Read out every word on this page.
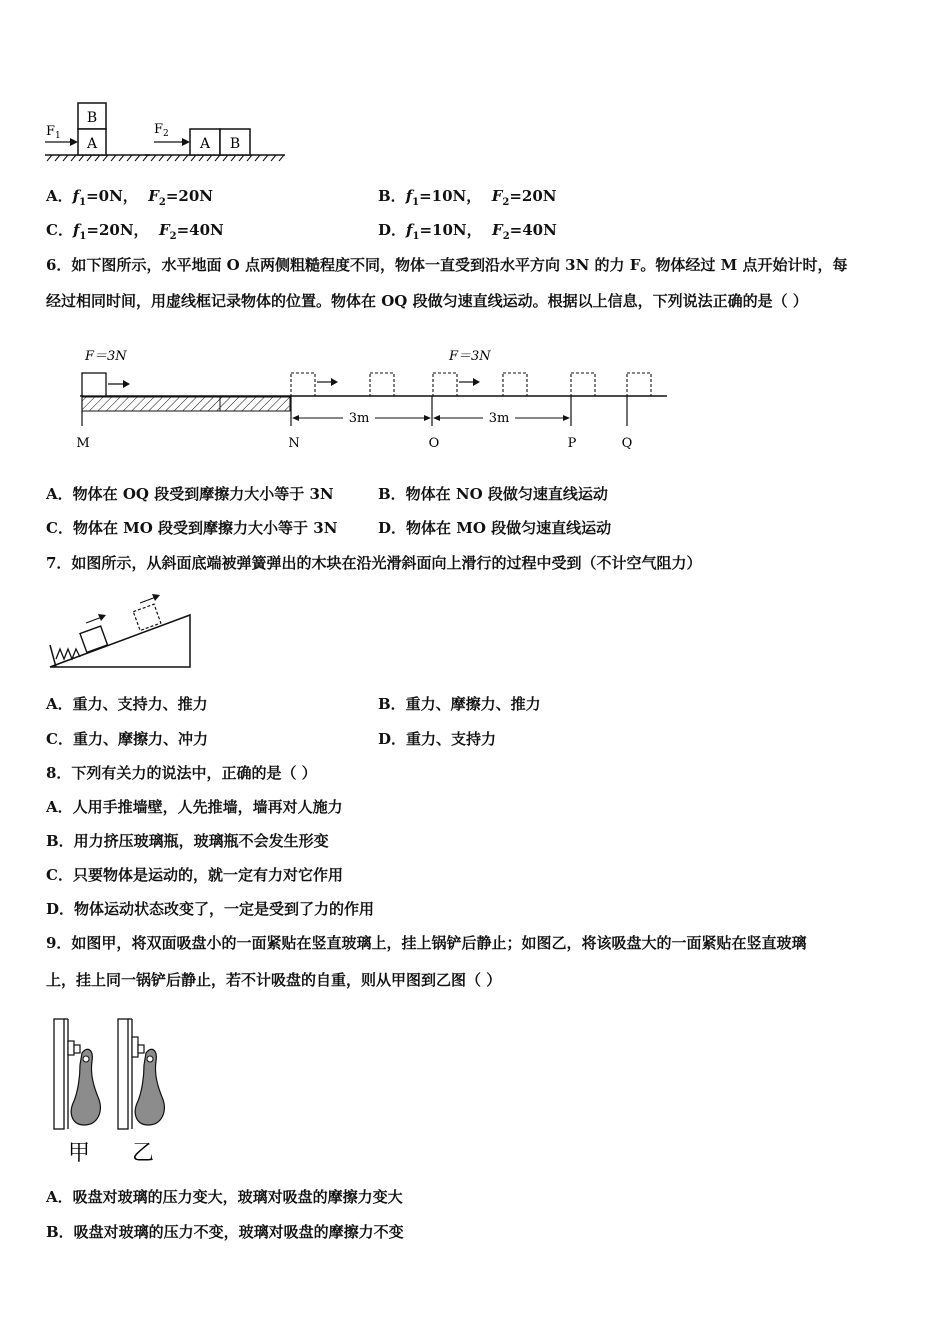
B
A
$F_1$	A B
$F_2$
A．$f_1=0N$， $F_2=20N$	B．$f_1=10N$， $F_2=20N$
C．$f_1=20N$， $F_2=40N$	D．$f_1=10N$， $F_2=40N$
6．如下图所示，水平地面 O 点两侧粗糙程度不同，物体一直受到沿水平方向 3N 的力 F。物体经过 M 点开始计时，每
经过相同时间，用虚线框记录物体的位置。物体在 OQ 段做匀速直线运动。根据以上信息，下列说法正确的是（ ）
F＝3N	F＝3N
3m	3m
M	N	O	P	Q
A．物体在 OQ 段受到摩擦力大小等于 3N	B．物体在 NO 段做匀速直线运动
C．物体在 MO 段受到摩擦力大小等于 3N	D．物体在 MO 段做匀速直线运动
7．如图所示，从斜面底端被弹簧弹出的木块在沿光滑斜面向上滑行的过程中受到（不计空气阻力）
A．重力、支持力、推力	B．重力、摩擦力、推力
C．重力、摩擦力、冲力	D．重力、支持力
8．下列有关力的说法中，正确的是（ ）
A．人用手推墙壁，人先推墙，墙再对人施力
B．用力挤压玻璃瓶，玻璃瓶不会发生形变
C．只要物体是运动的，就一定有力对它作用
D．物体运动状态改变了，一定是受到了力的作用
9．如图甲，将双面吸盘小的一面紧贴在竖直玻璃上，挂上锅铲后静止；如图乙，将该吸盘大的一面紧贴在竖直玻璃
上，挂上同一锅铲后静止，若不计吸盘的自重，则从甲图到乙图（ ）
甲 乙
A．吸盘对玻璃的压力变大，玻璃对吸盘的摩擦力变大
B．吸盘对玻璃的压力不变，玻璃对吸盘的摩擦力不变
